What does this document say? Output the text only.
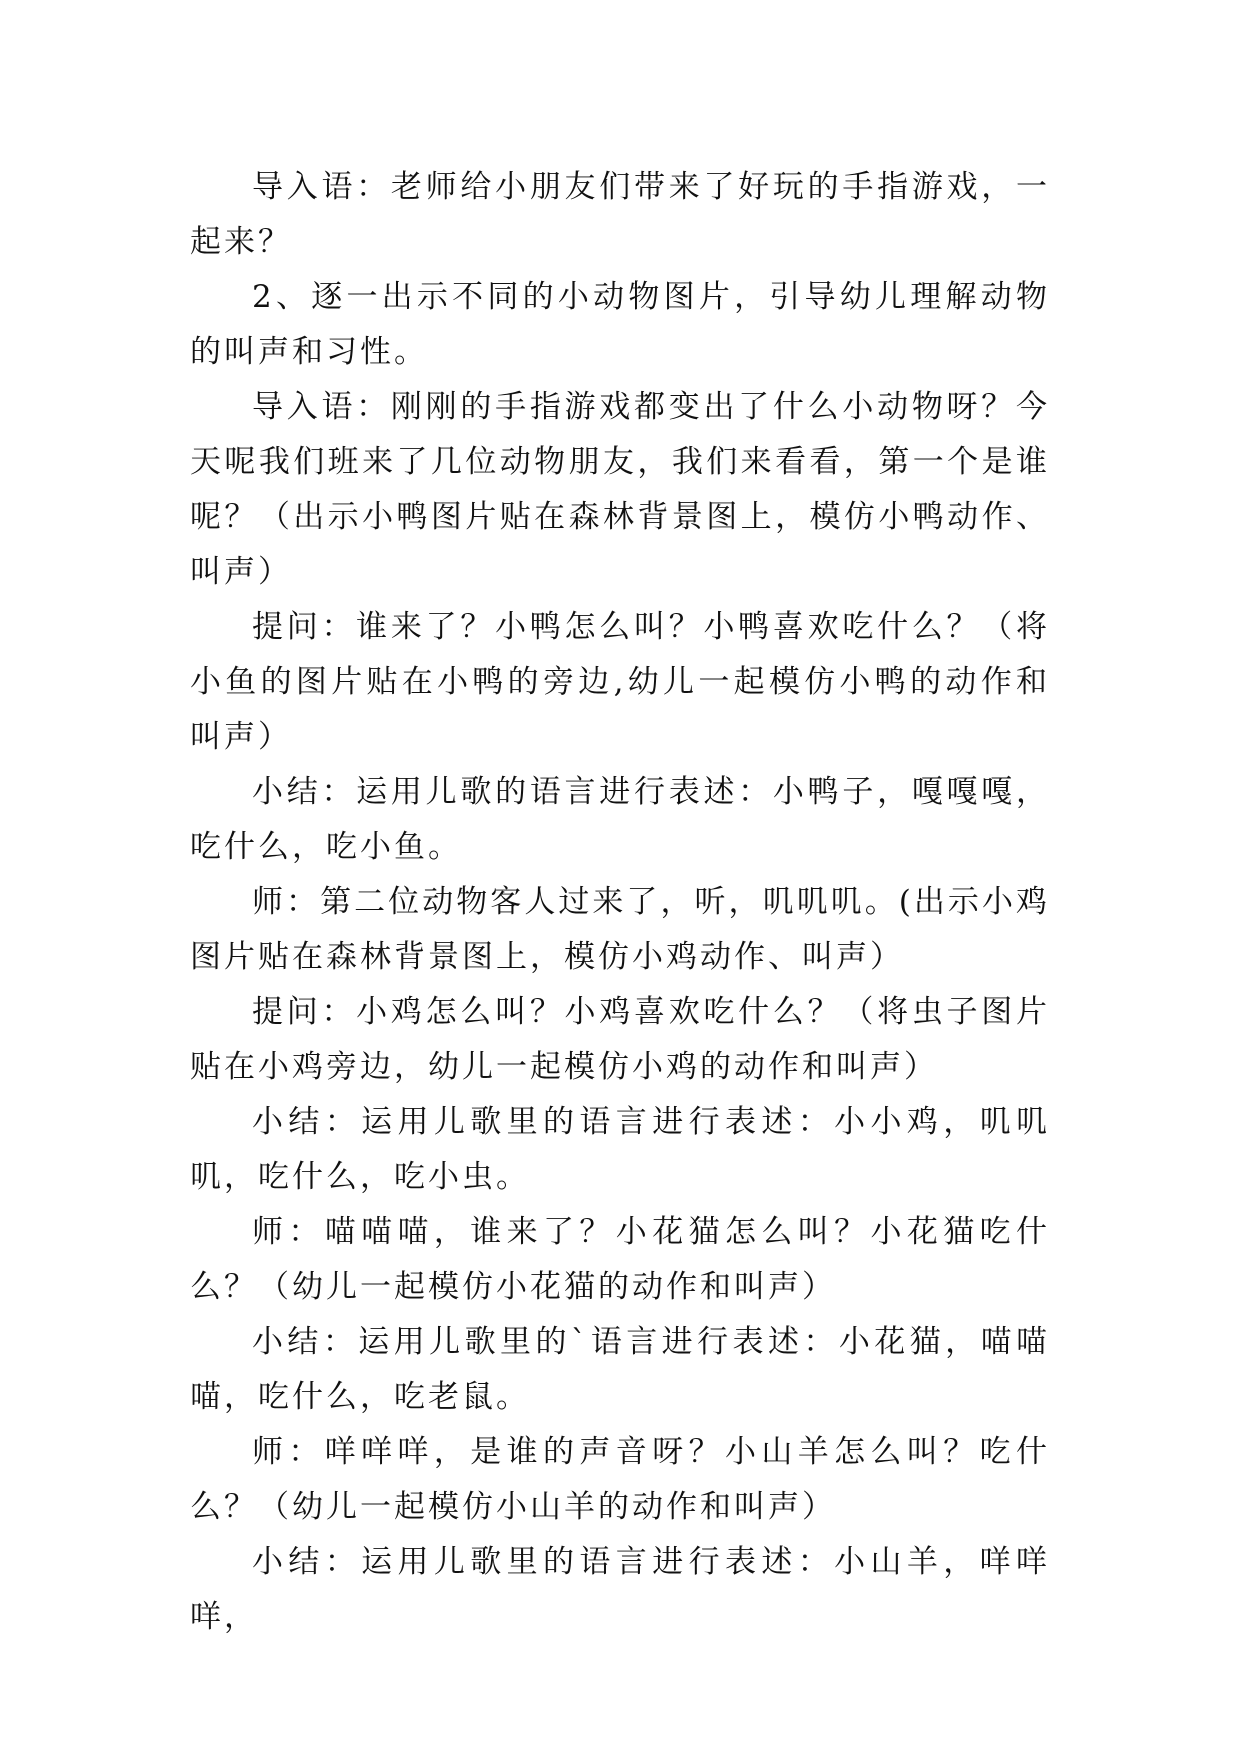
导入语：老师给小朋友们带来了好玩的手指游戏，一起来？

2、逐一出示不同的小动物图片，引导幼儿理解动物的叫声和习性。

导入语：刚刚的手指游戏都变出了什么小动物呀？今天呢我们班来了几位动物朋友，我们来看看，第一个是谁呢？（出示小鸭图片贴在森林背景图上，模仿小鸭动作、叫声）

提问：谁来了？小鸭怎么叫？小鸭喜欢吃什么？（将小鱼的图片贴在小鸭的旁边,幼儿一起模仿小鸭的动作和叫声）

小结：运用儿歌的语言进行表述：小鸭子，嘎嘎嘎，吃什么，吃小鱼。

师：第二位动物客人过来了，听，叽叽叽。(出示小鸡图片贴在森林背景图上，模仿小鸡动作、叫声）

提问：小鸡怎么叫？小鸡喜欢吃什么？（将虫子图片贴在小鸡旁边，幼儿一起模仿小鸡的动作和叫声）

小结：运用儿歌里的语言进行表述：小小鸡，叽叽叽，吃什么，吃小虫。

师：喵喵喵，谁来了？小花猫怎么叫？小花猫吃什么？（幼儿一起模仿小花猫的动作和叫声）

小结：运用儿歌里的`语言进行表述：小花猫，喵喵喵，吃什么，吃老鼠。

师：咩咩咩，是谁的声音呀？小山羊怎么叫？吃什么？（幼儿一起模仿小山羊的动作和叫声）

小结：运用儿歌里的语言进行表述：小山羊，咩咩咩，
